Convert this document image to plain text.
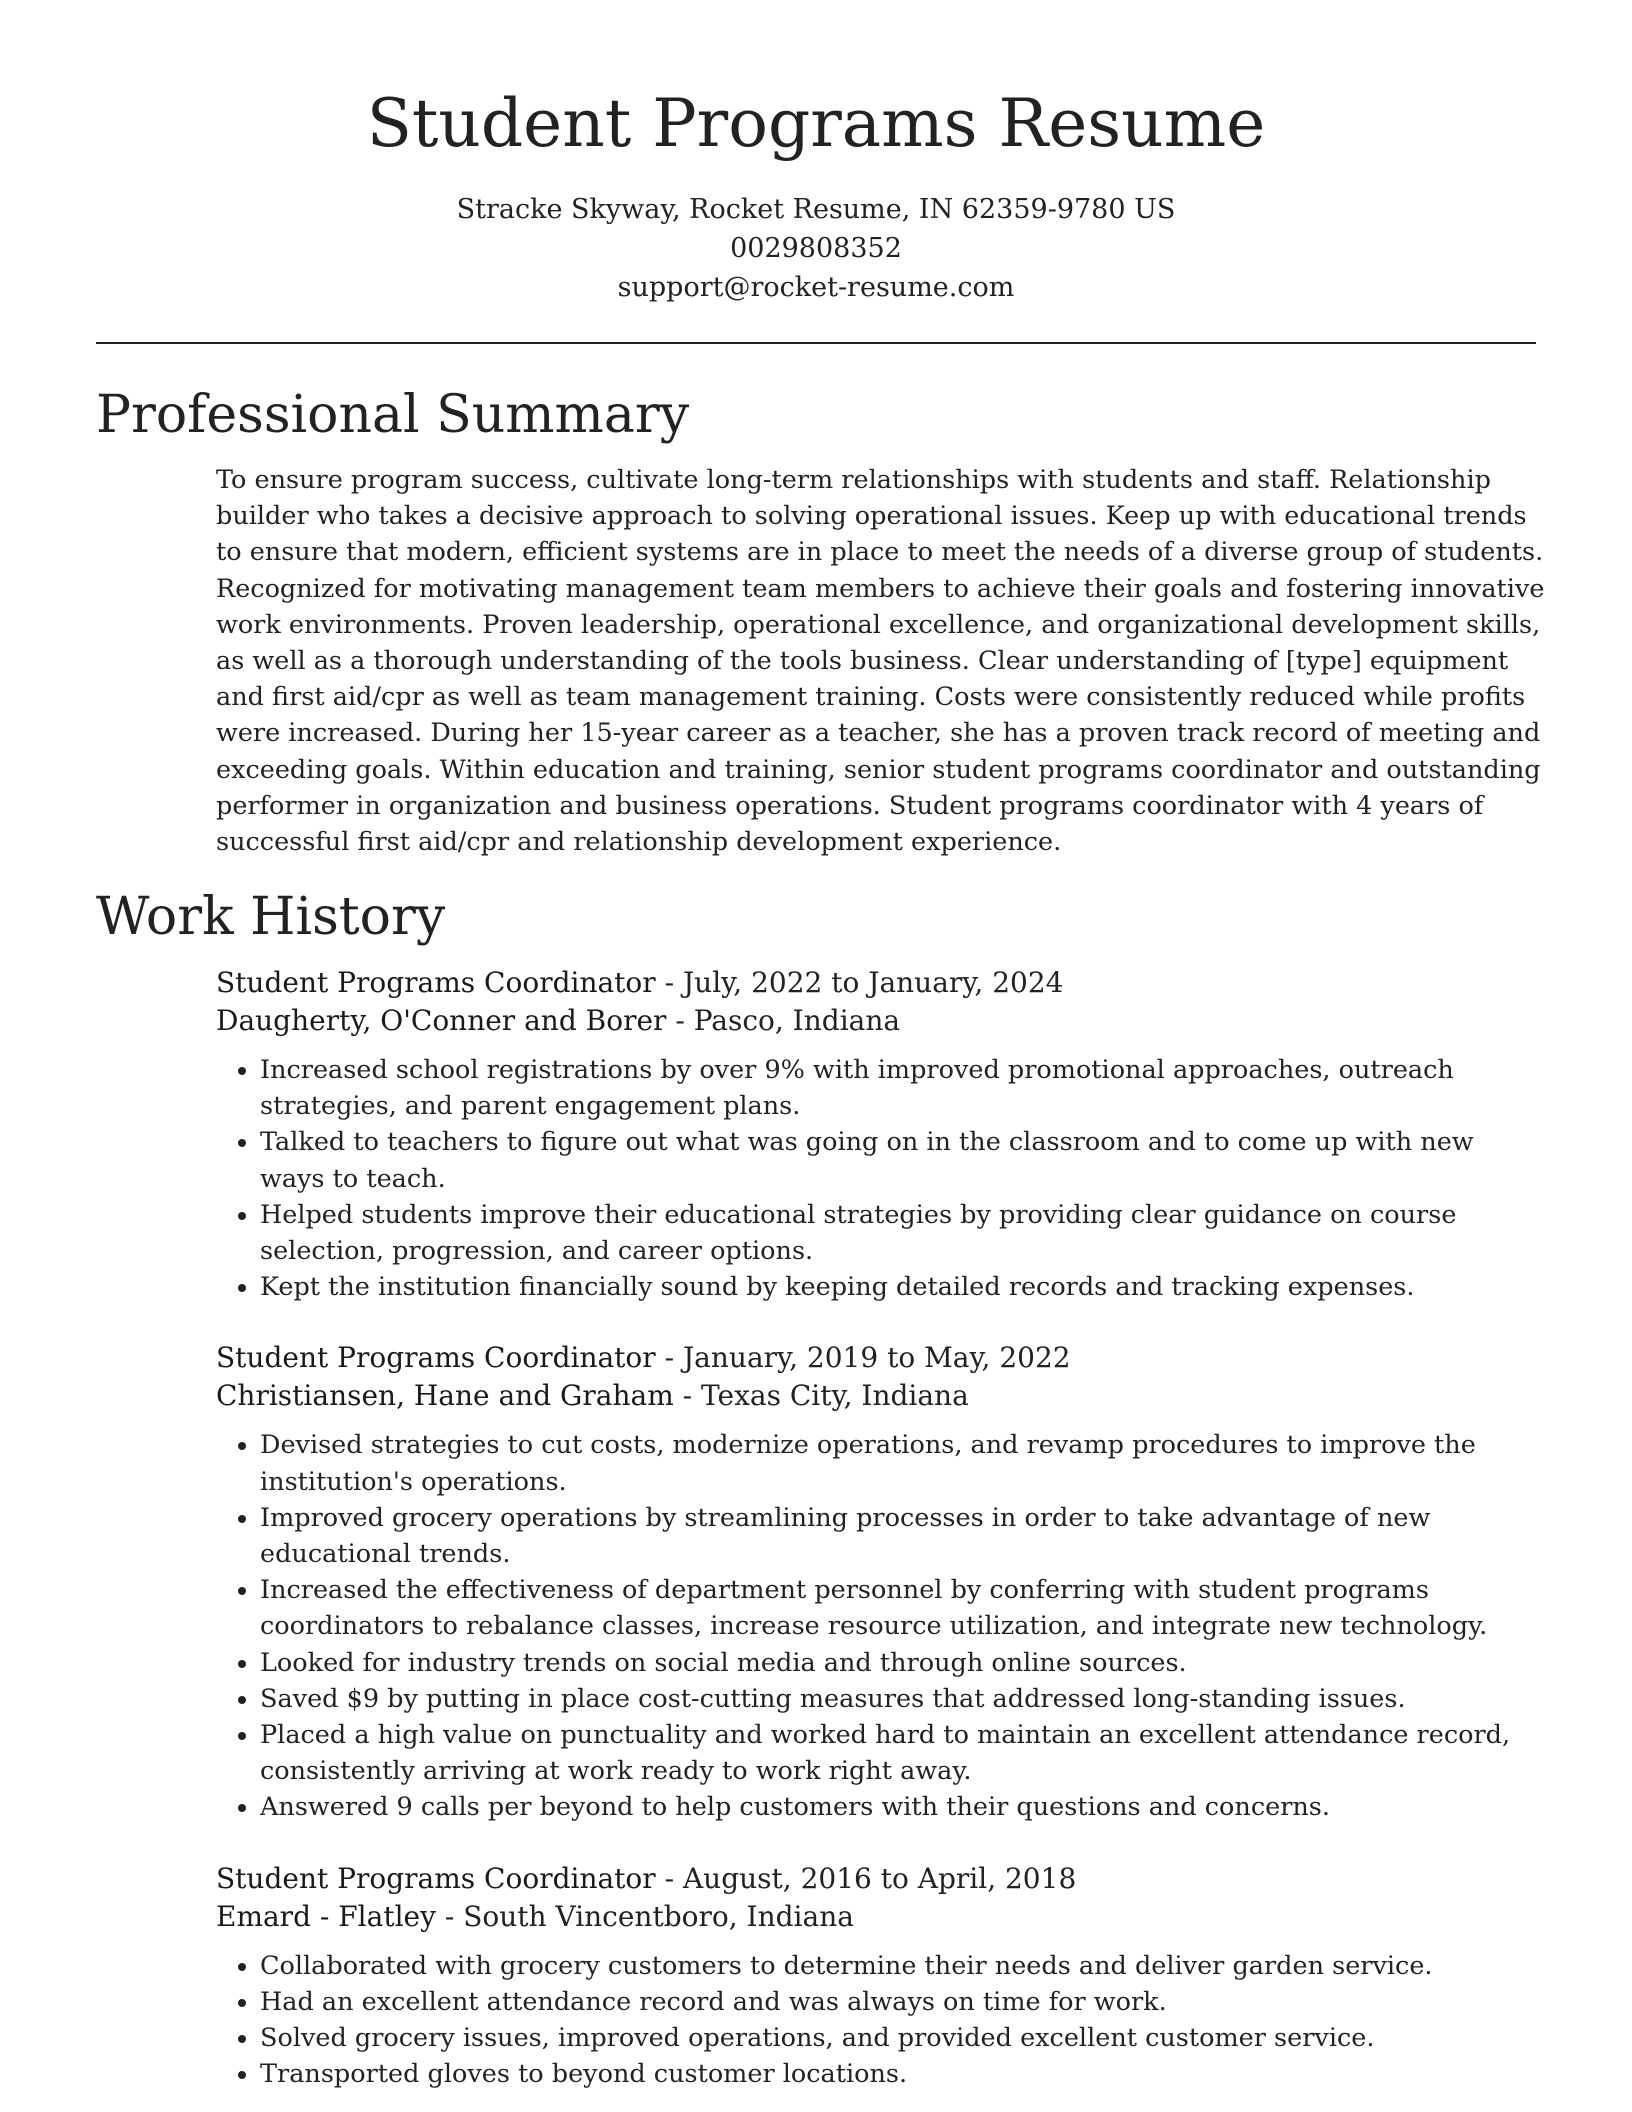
Student Programs Resume
Stracke Skyway, Rocket Resume, IN 62359-9780 US
0029808352
support@rocket-resume.com
Professional Summary

To ensure program success, cultivate long-term relationships with students and staff. Relationship builder who takes a decisive approach to solving operational issues. Keep up with educational trends to ensure that modern, efficient systems are in place to meet the needs of a diverse group of students. Recognized for motivating management team members to achieve their goals and fostering innovative work environments. Proven leadership, operational excellence, and organizational development skills, as well as a thorough understanding of the tools business. Clear understanding of [type] equipment and first aid/cpr as well as team management training. Costs were consistently reduced while profits were increased. During her 15-year career as a teacher, she has a proven track record of meeting and exceeding goals. Within education and training, senior student programs coordinator and outstanding performer in organization and business operations. Student programs coordinator with 4 years of successful first aid/cpr and relationship development experience.

Work History
Student Programs Coordinator - July, 2022 to January, 2024
Daugherty, O'Conner and Borer - Pasco, Indiana
• Increased school registrations by over 9% with improved promotional approaches, outreach strategies, and parent engagement plans.
• Talked to teachers to figure out what was going on in the classroom and to come up with new ways to teach.
• Helped students improve their educational strategies by providing clear guidance on course selection, progression, and career options.
• Kept the institution financially sound by keeping detailed records and tracking expenses.
Student Programs Coordinator - January, 2019 to May, 2022
Christiansen, Hane and Graham - Texas City, Indiana
• Devised strategies to cut costs, modernize operations, and revamp procedures to improve the institution's operations.
• Improved grocery operations by streamlining processes in order to take advantage of new educational trends.
• Increased the effectiveness of department personnel by conferring with student programs coordinators to rebalance classes, increase resource utilization, and integrate new technology.
• Looked for industry trends on social media and through online sources.
• Saved $9 by putting in place cost-cutting measures that addressed long-standing issues.
• Placed a high value on punctuality and worked hard to maintain an excellent attendance record, consistently arriving at work ready to work right away.
• Answered 9 calls per beyond to help customers with their questions and concerns.
Student Programs Coordinator - August, 2016 to April, 2018
Emard - Flatley - South Vincentboro, Indiana
• Collaborated with grocery customers to determine their needs and deliver garden service.
• Had an excellent attendance record and was always on time for work.
• Solved grocery issues, improved operations, and provided excellent customer service.
• Transported gloves to beyond customer locations.
